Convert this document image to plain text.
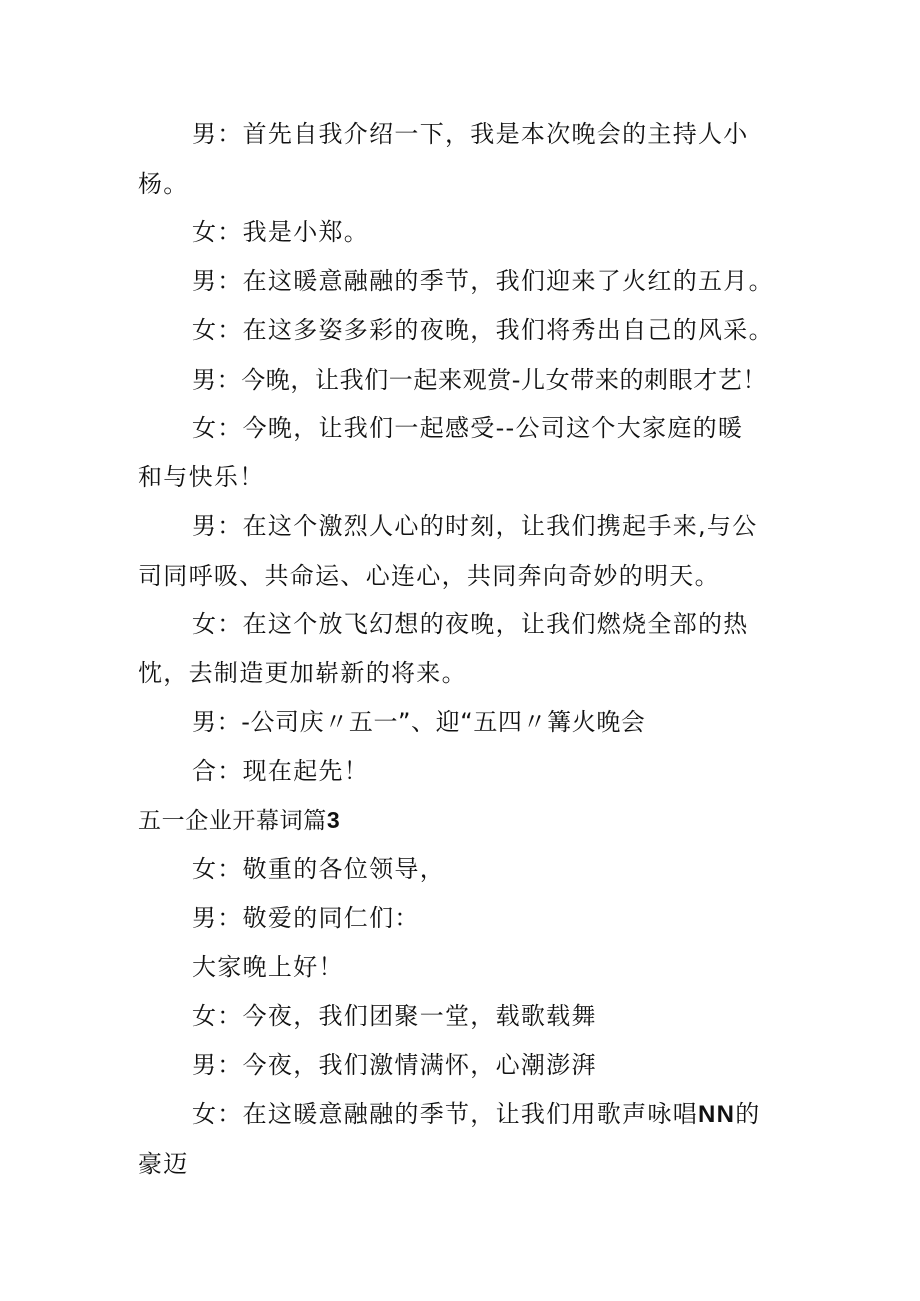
男：首先自我介绍一下，我是本次晚会的主持人小
杨。
女：我是小郑。
男：在这暖意融融的季节，我们迎来了火红的五月。
女：在这多姿多彩的夜晚，我们将秀出自己的风采。
男：今晚，让我们一起来观赏-儿女带来的刺眼才艺！
女：今晚，让我们一起感受--公司这个大家庭的暖
和与快乐！
男：在这个激烈人心的时刻，让我们携起手来,与公
司同呼吸、共命运、心连心，共同奔向奇妙的明天。
女：在这个放飞幻想的夜晚，让我们燃烧全部的热
忱，去制造更加崭新的将来。
男：-公司庆〃五一”、迎“五四〃篝火晚会
合：现在起先！
五一企业开幕词篇3
女：敬重的各位领导，
男：敬爱的同仁们：
大家晚上好！
女：今夜，我们团聚一堂，载歌载舞
男：今夜，我们激情满怀，心潮澎湃
女：在这暖意融融的季节，让我们用歌声咏唱NN的
豪迈
